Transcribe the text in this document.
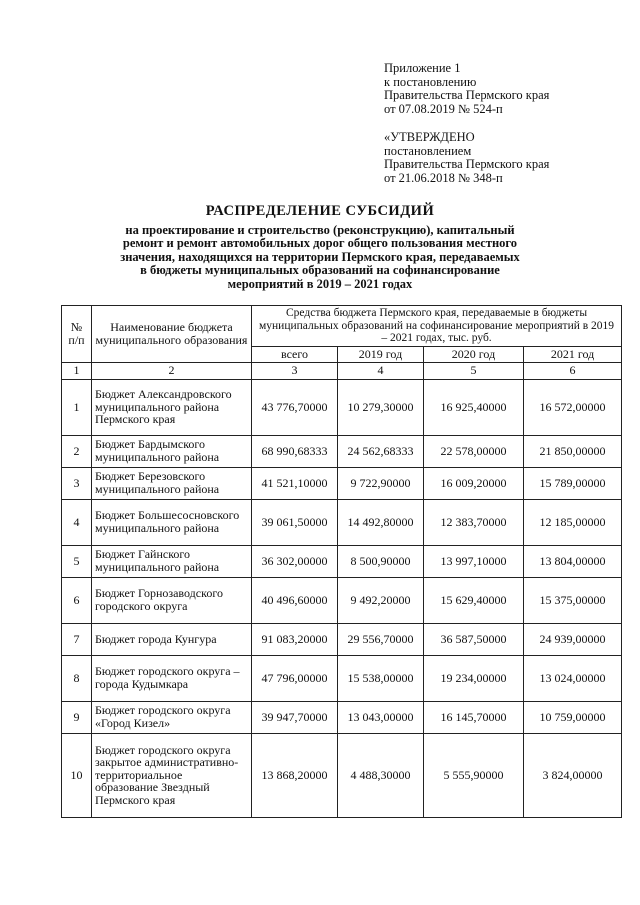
Приложение 1
к постановлению
Правительства Пермского края
от 07.08.2019 № 524-п
«УТВЕРЖДЕНО
постановлением
Правительства Пермского края
от 21.06.2018 № 348-п
РАСПРЕДЕЛЕНИЕ СУБСИДИЙ
на проектирование и строительство (реконструкцию), капитальный
ремонт и ремонт автомобильных дорог общего пользования местного
значения, находящихся на территории Пермского края, передаваемых
в бюджеты муниципальных образований на софинансирование
мероприятий в 2019 – 2021 годах
№ п/п	Наименование бюджета муниципального образования	Средства бюджета Пермского края, передаваемые в бюджеты муниципальных образований на софинансирование мероприятий в 2019 – 2021 годах, тыс. руб.			
		всего	2019 год	2020 год	2021 год
1	2	3	4	5	6
1	Бюджет Александровского муниципального района Пермского края	43 776,70000	10 279,30000	16 925,40000	16 572,00000
2	Бюджет Бардымского муниципального района	68 990,68333	24 562,68333	22 578,00000	21 850,00000
3	Бюджет Березовского муниципального района	41 521,10000	9 722,90000	16 009,20000	15 789,00000
4	Бюджет Большесосновского муниципального района	39 061,50000	14 492,80000	12 383,70000	12 185,00000
5	Бюджет Гайнского муниципального района	36 302,00000	8 500,90000	13 997,10000	13 804,00000
6	Бюджет Горнозаводского городского округа	40 496,60000	9 492,20000	15 629,40000	15 375,00000
7	Бюджет города Кунгура	91 083,20000	29 556,70000	36 587,50000	24 939,00000
8	Бюджет городского округа – города Кудымкара	47 796,00000	15 538,00000	19 234,00000	13 024,00000
9	Бюджет городского округа «Город Кизел»	39 947,70000	13 043,00000	16 145,70000	10 759,00000
10	Бюджет городского округа закрытое административно-территориальное образование Звездный Пермского края	13 868,20000	4 488,30000	5 555,90000	3 824,00000
